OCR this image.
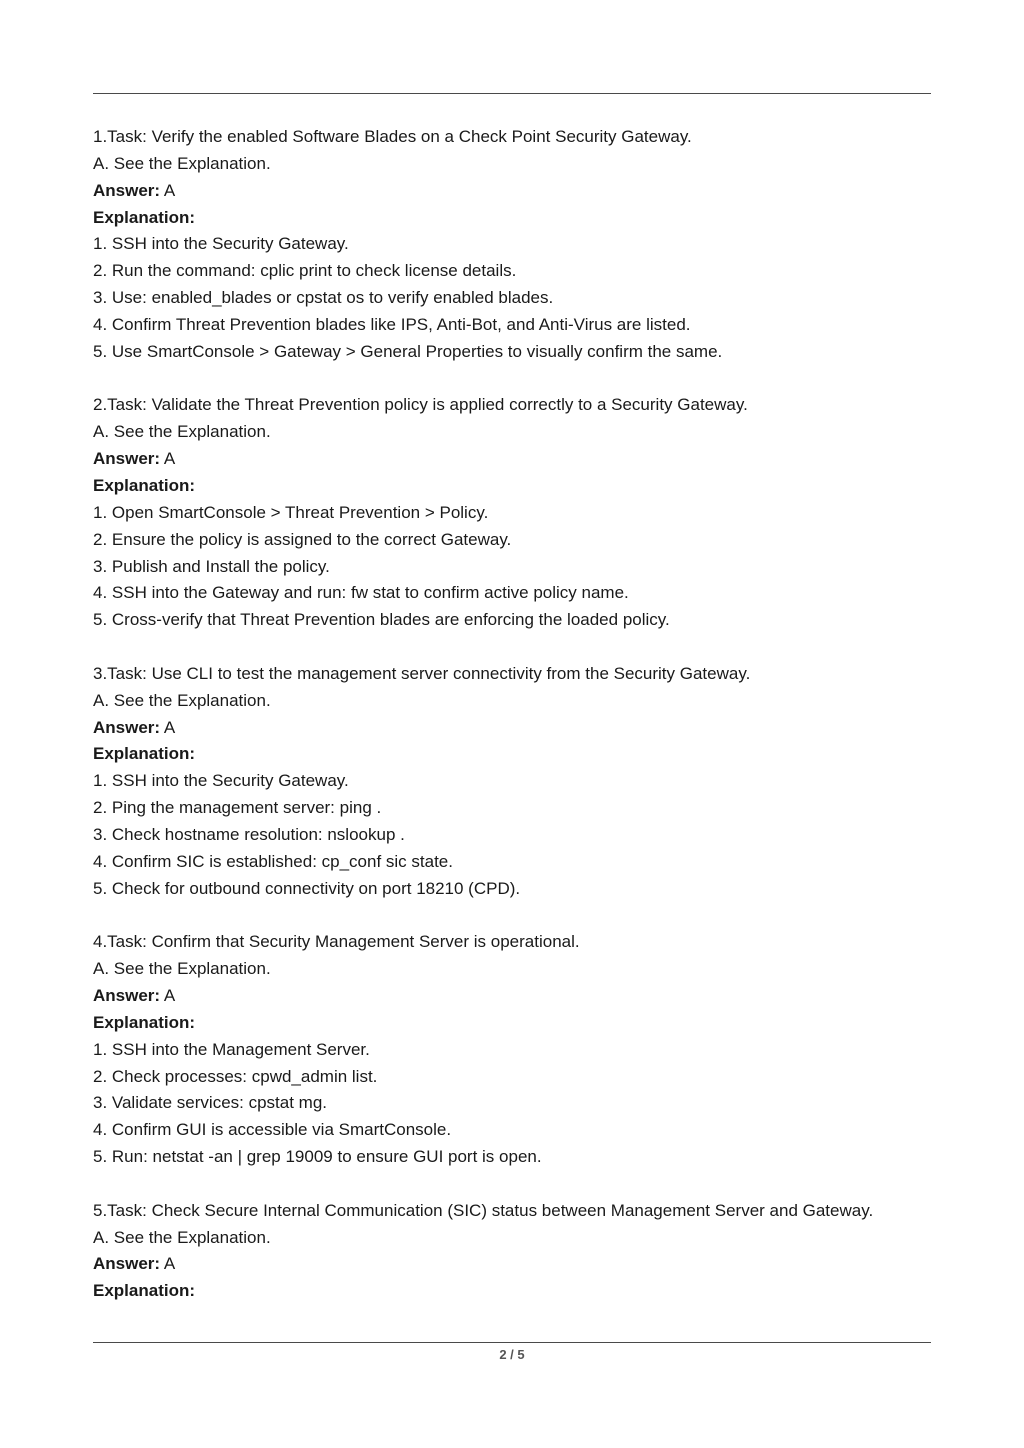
1.Task: Verify the enabled Software Blades on a Check Point Security Gateway.
A. See the Explanation.
Answer: A
Explanation:
1. SSH into the Security Gateway.
2. Run the command: cplic print to check license details.
3. Use: enabled_blades or cpstat os to verify enabled blades.
4. Confirm Threat Prevention blades like IPS, Anti-Bot, and Anti-Virus are listed.
5. Use SmartConsole > Gateway > General Properties to visually confirm the same.
2.Task: Validate the Threat Prevention policy is applied correctly to a Security Gateway.
A. See the Explanation.
Answer: A
Explanation:
1. Open SmartConsole > Threat Prevention > Policy.
2. Ensure the policy is assigned to the correct Gateway.
3. Publish and Install the policy.
4. SSH into the Gateway and run: fw stat to confirm active policy name.
5. Cross-verify that Threat Prevention blades are enforcing the loaded policy.
3.Task: Use CLI to test the management server connectivity from the Security Gateway.
A. See the Explanation.
Answer: A
Explanation:
1. SSH into the Security Gateway.
2. Ping the management server: ping .
3. Check hostname resolution: nslookup .
4. Confirm SIC is established: cp_conf sic state.
5. Check for outbound connectivity on port 18210 (CPD).
4.Task: Confirm that Security Management Server is operational.
A. See the Explanation.
Answer: A
Explanation:
1. SSH into the Management Server.
2. Check processes: cpwd_admin list.
3. Validate services: cpstat mg.
4. Confirm GUI is accessible via SmartConsole.
5. Run: netstat -an | grep 19009 to ensure GUI port is open.
5.Task: Check Secure Internal Communication (SIC) status between Management Server and Gateway.
A. See the Explanation.
Answer: A
Explanation:
2 / 5
